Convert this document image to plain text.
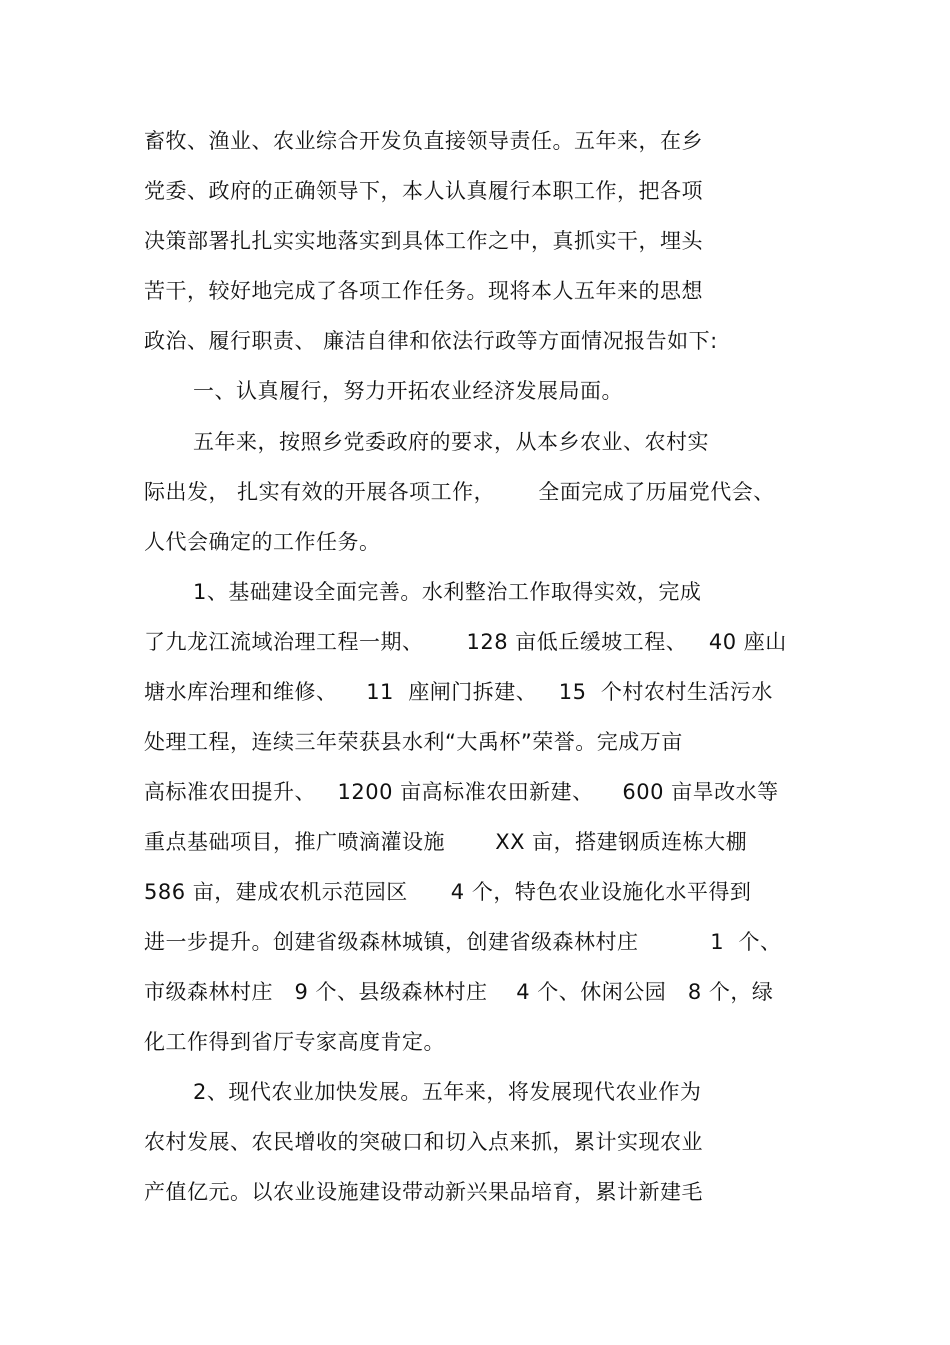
畜牧、渔业、农业综合开发负直接领导责任。五年来，在乡

党委、政府的正确领导下，本人认真履行本职工作，把各项

决策部署扎扎实实地落实到具体工作之中，真抓实干，埋头

苦干，较好地完成了各项工作任务。现将本人五年来的思想

政治、履行职责、 廉洁自律和依法行政等方面情况报告如下:

一、认真履行，努力开拓农业经济发展局面。

五年来，按照乡党委政府的要求，从本乡农业、农村实

际出发， 扎实有效的开展各项工作，      全面完成了历届党代会、

人代会确定的工作任务。

1、基础建设全面完善。水利整治工作取得实效，完成

了九龙江流域治理工程一期、      128 亩低丘缓坡工程、   40 座山

塘水库治理和维修、    11  座闸门拆建、   15  个村农村生活污水

处理工程，连续三年荣获县水利“大禹杯”荣誉。完成万亩

高标准农田提升、   1200 亩高标准农田新建、    600 亩旱改水等

重点基础项目，推广喷滴灌设施       XX 亩，搭建钢质连栋大棚

586 亩，建成农机示范园区      4 个，特色农业设施化水平得到

进一步提升。创建省级森林城镇，创建省级森林村庄          1  个、

市级森林村庄   9 个、县级森林村庄    4 个、休闲公园   8 个，绿

化工作得到省厅专家高度肯定。

2、现代农业加快发展。五年来，将发展现代农业作为

农村发展、农民增收的突破口和切入点来抓，累计实现农业

产值亿元。以农业设施建设带动新兴果品培育，累计新建毛
